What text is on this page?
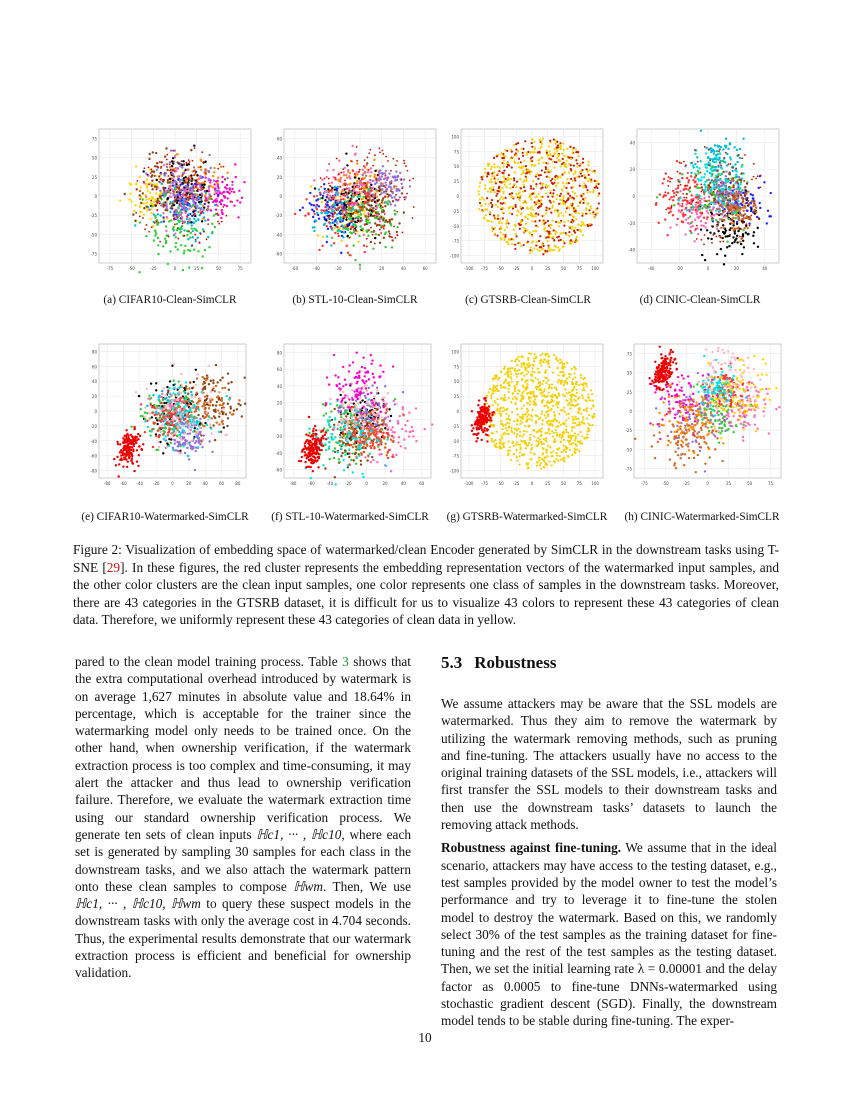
75
50
25
0
-25
-50
-75
-75	-50	-25	0	25	50	75
60
40
20
0
-20
-40
-60
-60	-40	-20	0	20	40	60
100
75
50
25
0
-25
-50
-75
-100
-100 -75 -50 -25	0	25	50	75 100
40
20
0
-20
-40
-40	-20	0	20	40
(a) CIFAR10-Clean-SimCLR	(b) STL-10-Clean-SimCLR	(c) GTSRB-Clean-SimCLR	(d) CINIC-Clean-SimCLR
80
60
40
20
0
-20
-40
-60
-80
-80 -60 -40 -20	0	20	40	60	80
80
60
40
20
0
-20
-40
-60
-80	-60	-40	-20	0	20	40	60
100
75
50
25
0
-25
-50
-75
-100
-100 -75 -50 -25	0	25	50	75 100
75
50
25
0
-25
-50
-75
-75	-50	-25	0	25	50	75
(e) CIFAR10-Watermarked-SimCLR	(f) STL-10-Watermarked-SimCLR	(g) GTSRB-Watermarked-SimCLR	(h) CINIC-Watermarked-SimCLR
Figure 2: Visualization of embedding space of watermarked/clean Encoder generated by SimCLR in the downstream tasks using T-SNE [29]. In these figures, the red cluster represents the embedding representation vectors of the watermarked input samples, and the other color clusters are the clean input samples, one color represents one class of samples in the downstream tasks. Moreover, there are 43 categories in the GTSRB dataset, it is difficult for us to visualize 43 colors to represent these 43 categories of clean data. Therefore, we uniformly represent these 43 categories of clean data in yellow.

pared to the clean model training process. Table 3 shows that the extra computational overhead introduced by watermark is on average 1,627 minutes in absolute value and 18.64% in percentage, which is acceptable for the trainer since the watermarking model only needs to be trained once. On the other hand, when ownership verification, if the watermark extraction process is too complex and time-consuming, it may alert the attacker and thus lead to ownership verification failure. Therefore, we evaluate the watermark extraction time using our standard ownership verification process. We generate ten sets of clean inputs ℍc1, ··· , ℍc10, where each set is generated by sampling 30 samples for each class in the downstream tasks, and we also attach the watermark pattern onto these clean samples to compose ℍwm. Then, We use ℍc1, ··· , ℍc10, ℍwm to query these suspect models in the downstream tasks with only the average cost in 4.704 seconds. Thus, the experimental results demonstrate that our watermark extraction process is efficient and beneficial for ownership validation.

5.3 Robustness

We assume attackers may be aware that the SSL models are watermarked. Thus they aim to remove the watermark by utilizing the watermark removing methods, such as pruning and fine-tuning. The attackers usually have no access to the original training datasets of the SSL models, i.e., attackers will first transfer the SSL models to their downstream tasks and then use the downstream tasks’ datasets to launch the removing attack methods.

Robustness against fine-tuning. We assume that in the ideal scenario, attackers may have access to the testing dataset, e.g., test samples provided by the model owner to test the model’s performance and try to leverage it to fine-tune the stolen model to destroy the watermark. Based on this, we randomly select 30% of the test samples as the training dataset for fine-tuning and the rest of the test samples as the testing dataset. Then, we set the initial learning rate λ = 0.00001 and the delay factor as 0.0005 to fine-tune DNNs-watermarked using stochastic gradient descent (SGD). Finally, the downstream model tends to be stable during fine-tuning. The exper-

10
